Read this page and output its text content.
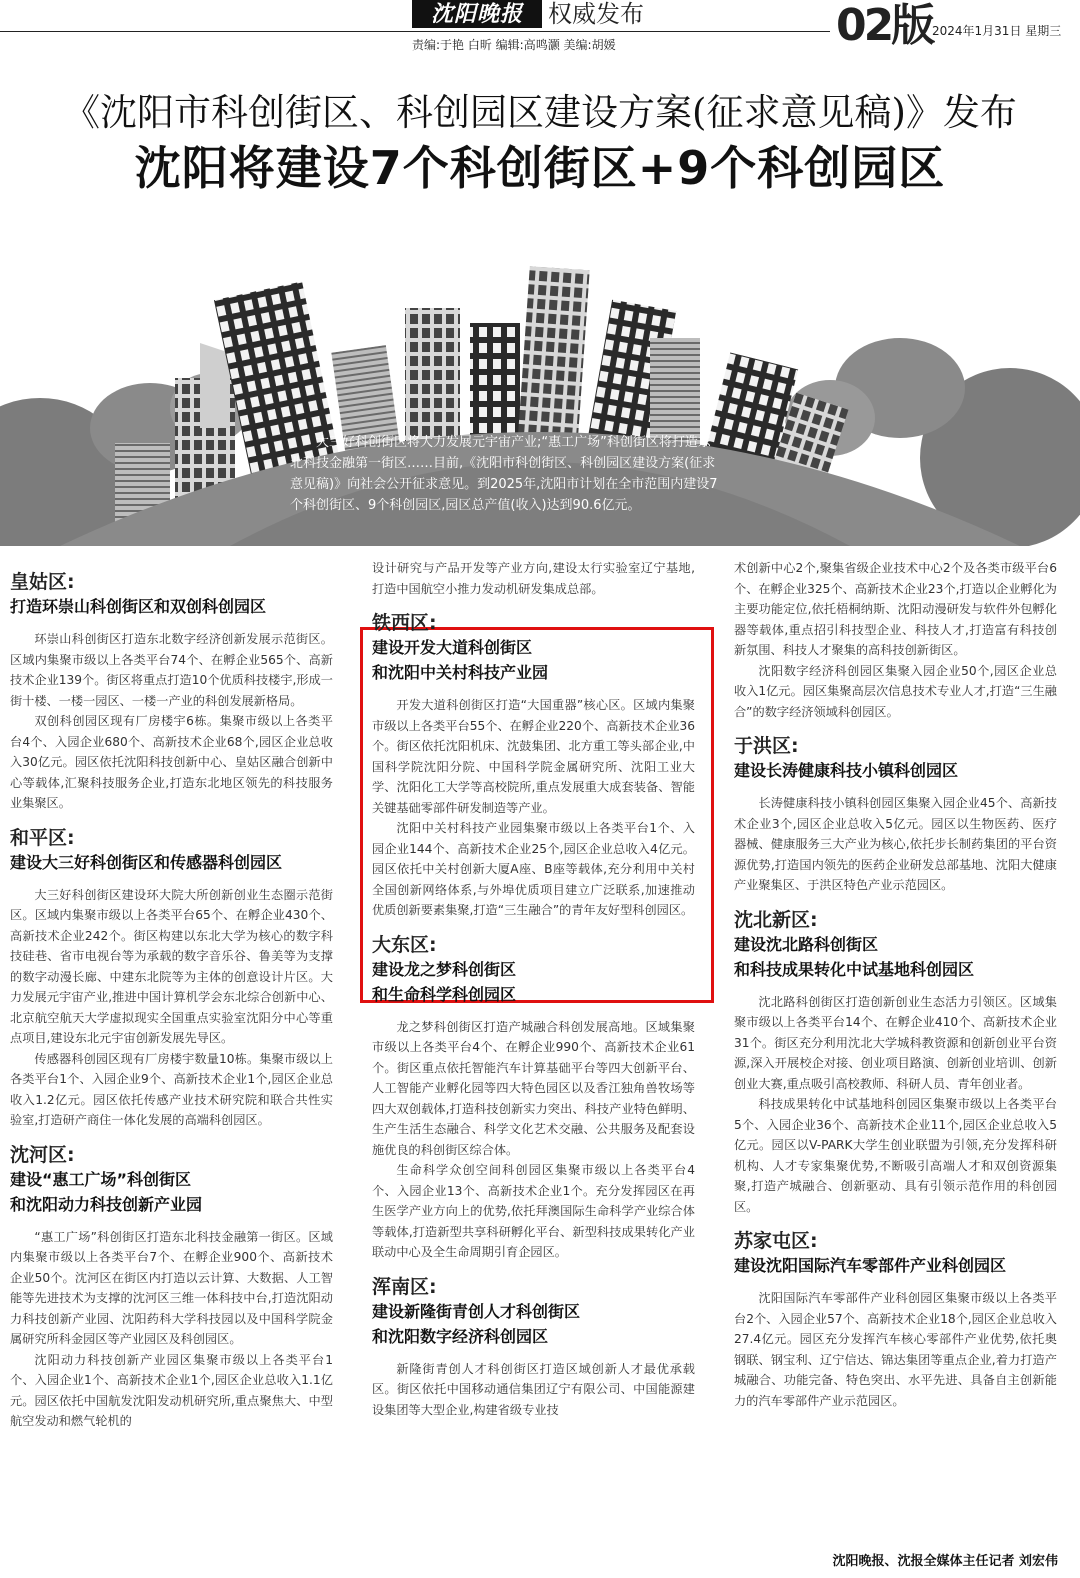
沈阳晚报	权威发布
责编:于艳 白昕 编辑:高鸣灏 美编:胡媛	02版 2024年1月31日 星期三
《沈阳市科创街区、科创园区建设方案(征求意见稿)》发布
沈阳将建设7个科创街区+9个科创园区
大三好科创街区将大力发展元宇宙产业;“惠工广场”科创街区将打造东北科技金融第一街区……目前,《沈阳市科创街区、科创园区建设方案(征求意见稿)》向社会公开征求意见。到2025年,沈阳市计划在全市范围内建设7个科创街区、9个科创园区,园区总产值(收入)达到90.6亿元。
皇姑区:
打造环崇山科创街区和双创科创园区

环崇山科创街区打造东北数字经济创新发展示范街区。区域内集聚市级以上各类平台74个、在孵企业565个、高新技术企业139个。街区将重点打造10个优质科技楼宇,形成一街十楼、一楼一园区、一楼一产业的科创发展新格局。

双创科创园区现有厂房楼宇6栋。集聚市级以上各类平台4个、入园企业680个、高新技术企业68个,园区企业总收入30亿元。园区依托沈阳科技创新中心、皇姑区融合创新中心等载体,汇聚科技服务企业,打造东北地区领先的科技服务业集聚区。

和平区:
建设大三好科创街区和传感器科创园区

大三好科创街区建设环大院大所创新创业生态圈示范街区。区域内集聚市级以上各类平台65个、在孵企业430个、高新技术企业242个。街区构建以东北大学为核心的数字科技硅巷、省市电视台等为承载的数字音乐谷、鲁美等为支撑的数字动漫长廊、中建东北院等为主体的创意设计片区。大力发展元宇宙产业,推进中国计算机学会东北综合创新中心、北京航空航天大学虚拟现实全国重点实验室沈阳分中心等重点项目,建设东北元宇宙创新发展先导区。

传感器科创园区现有厂房楼宇数量10栋。集聚市级以上各类平台1个、入园企业9个、高新技术企业1个,园区企业总收入1.2亿元。园区依托传感产业技术研究院和联合共性实验室,打造研产商住一体化发展的高端科创园区。

沈河区:
建设“惠工广场”科创街区
和沈阳动力科技创新产业园

“惠工广场”科创街区打造东北科技金融第一街区。区域内集聚市级以上各类平台7个、在孵企业900个、高新技术企业50个。沈河区在街区内打造以云计算、大数据、人工智能等先进技术为支撑的沈河区三维一体科技中台,打造沈阳动力科技创新产业园、沈阳药科大学科技园以及中国科学院金属研究所科金园区等产业园区及科创园区。

沈阳动力科技创新产业园区集聚市级以上各类平台1个、入园企业1个、高新技术企业1个,园区企业总收入1.1亿元。园区依托中国航发沈阳发动机研究所,重点聚焦大、中型航空发动和燃气轮机的

设计研究与产品开发等产业方向,建设太行实验室辽宁基地,打造中国航空小推力发动机研发集成总部。

铁西区:
建设开发大道科创街区
和沈阳中关村科技产业园

开发大道科创街区打造“大国重器”核心区。区域内集聚市级以上各类平台55个、在孵企业220个、高新技术企业36个。街区依托沈阳机床、沈鼓集团、北方重工等头部企业,中国科学院沈阳分院、中国科学院金属研究所、沈阳工业大学、沈阳化工大学等高校院所,重点发展重大成套装备、智能关键基础零部件研发制造等产业。

沈阳中关村科技产业园集聚市级以上各类平台1个、入园企业144个、高新技术企业25个,园区企业总收入4亿元。园区依托中关村创新大厦A座、B座等载体,充分利用中关村全国创新网络体系,与外埠优质项目建立广泛联系,加速推动优质创新要素集聚,打造“三生融合”的青年友好型科创园区。

大东区:
建设龙之梦科创街区
和生命科学科创园区

龙之梦科创街区打造产城融合科创发展高地。区域集聚市级以上各类平台4个、在孵企业990个、高新技术企业61个。街区重点依托智能汽车计算基础平台等四大创新平台、人工智能产业孵化园等四大特色园区以及香江独角兽牧场等四大双创载体,打造科技创新实力突出、科技产业特色鲜明、生产生活生态融合、科学文化艺术交融、公共服务及配套设施优良的科创街区综合体。

生命科学众创空间科创园区集聚市级以上各类平台4个、入园企业13个、高新技术企业1个。充分发挥园区在再生医学产业方向上的优势,依托拜澳国际生命科学产业综合体等载体,打造新型共享科研孵化平台、新型科技成果转化产业联动中心及全生命周期引育企园区。

浑南区:
建设新隆街青创人才科创街区
和沈阳数字经济科创园区

新隆街青创人才科创街区打造区域创新人才最优承载区。街区依托中国移动通信集团辽宁有限公司、中国能源建设集团等大型企业,构建省级专业技

术创新中心2个,聚集省级企业技术中心2个及各类市级平台6个、在孵企业325个、高新技术企业23个,打造以企业孵化为主要功能定位,依托梧桐纳斯、沈阳动漫研发与软件外包孵化器等载体,重点招引科技型企业、科技人才,打造富有科技创新氛围、科技人才聚集的高科技创新街区。

沈阳数字经济科创园区集聚入园企业50个,园区企业总收入1亿元。园区集聚高层次信息技术专业人才,打造“三生融合”的数字经济领域科创园区。

于洪区:
建设长涛健康科技小镇科创园区

长涛健康科技小镇科创园区集聚入园企业45个、高新技术企业3个,园区企业总收入5亿元。园区以生物医药、医疗器械、健康服务三大产业为核心,依托步长制药集团的平台资源优势,打造国内领先的医药企业研发总部基地、沈阳大健康产业聚集区、于洪区特色产业示范园区。

沈北新区:
建设沈北路科创街区
和科技成果转化中试基地科创园区

沈北路科创街区打造创新创业生态活力引领区。区域集聚市级以上各类平台14个、在孵企业410个、高新技术企业31个。街区充分利用沈北大学城科教资源和创新创业平台资源,深入开展校企对接、创业项目路演、创新创业培训、创新创业大赛,重点吸引高校教师、科研人员、青年创业者。

科技成果转化中试基地科创园区集聚市级以上各类平台5个、入园企业36个、高新技术企业11个,园区企业总收入5亿元。园区以V-PARK大学生创业联盟为引领,充分发挥科研机构、人才专家集聚优势,不断吸引高端人才和双创资源集聚,打造产城融合、创新驱动、具有引领示范作用的科创园区。

苏家屯区:
建设沈阳国际汽车零部件产业科创园区

沈阳国际汽车零部件产业科创园区集聚市级以上各类平台2个、入园企业57个、高新技术企业18个,园区企业总收入27.4亿元。园区充分发挥汽车核心零部件产业优势,依托奥钢联、钢宝利、辽宁信达、锦达集团等重点企业,着力打造产城融合、功能完备、特色突出、水平先进、具备自主创新能力的汽车零部件产业示范园区。

沈阳晚报、沈报全媒体主任记者 刘宏伟
